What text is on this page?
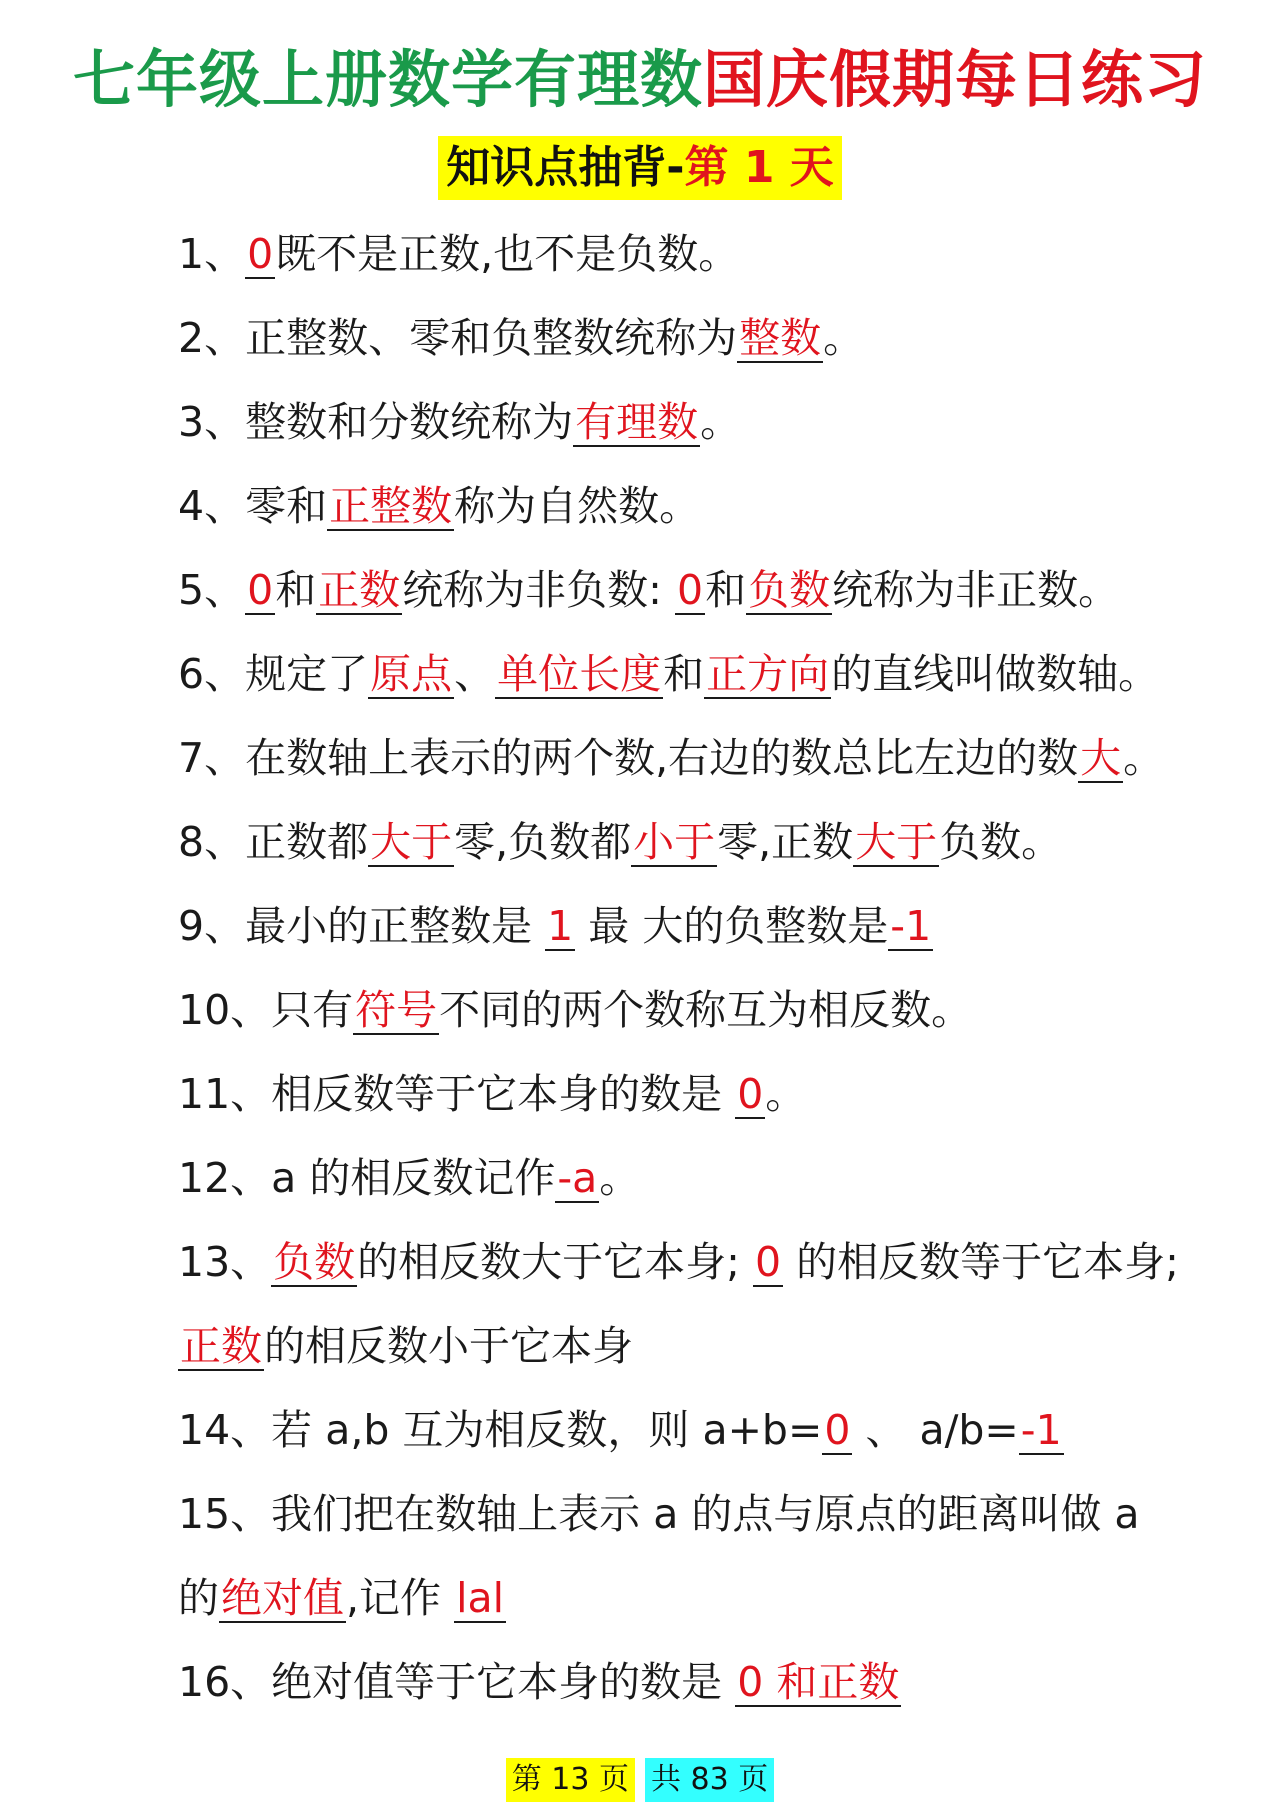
七年级上册数学有理数国庆假期每日练习
知识点抽背-第 1 天

1、0既不是正数,也不是负数。

2、正整数、零和负整数统称为整数。

3、整数和分数统称为有理数。

4、零和正整数称为自然数。

5、0和正数统称为非负数: 0和负数统称为非正数。

6、规定了原点、单位长度和正方向的直线叫做数轴。

7、在数轴上表示的两个数,右边的数总比左边的数大。

8、正数都大于零,负数都小于零,正数大于负数。

9、最小的正整数是 1 最 大的负整数是-1

10、只有符号不同的两个数称互为相反数。

11、相反数等于它本身的数是 0。

12、a 的相反数记作-a。

13、负数的相反数大于它本身; 0 的相反数等于它本身;正数的相反数小于它本身

14、若 a,b 互为相反数，则 a+b=0 、 a/b=-1

15、我们把在数轴上表示 a 的点与原点的距离叫做 a 的绝对值,记作 lal

16、绝对值等于它本身的数是 0 和正数

第 13 页 共 83 页
